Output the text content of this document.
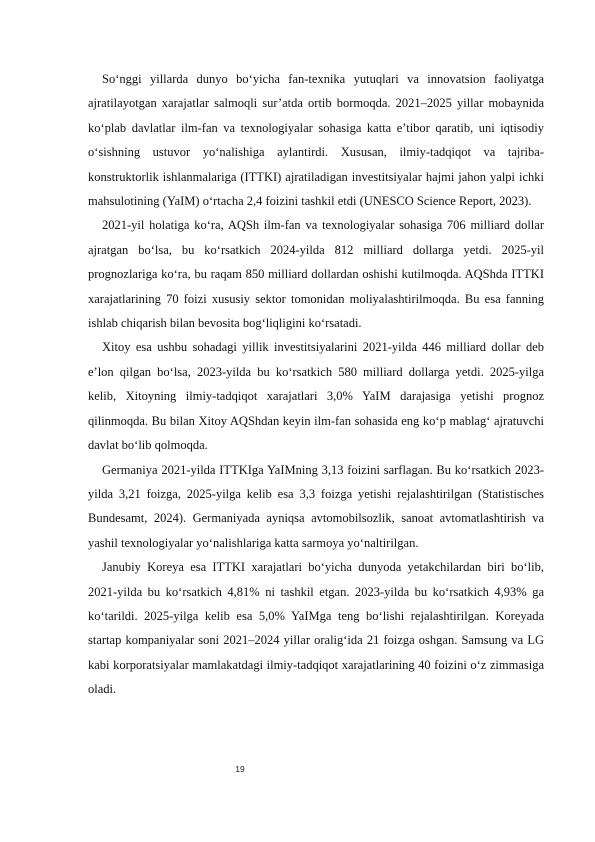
So‘nggi yillarda dunyo bo‘yicha fan-texnika yutuqlari va innovatsion faoliyatga ajratilayotgan xarajatlar salmoqli sur’atda ortib bormoqda. 2021–2025 yillar mobaynida ko‘plab davlatlar ilm-fan va texnologiyalar sohasiga katta e’tibor qaratib, uni iqtisodiy o‘sishning ustuvor yo‘nalishiga aylantirdi. Xususan, ilmiy-tadqiqot va tajriba-konstruktorlik ishlanmalariga (ITTKI) ajratiladigan investitsiyalar hajmi jahon yalpi ichki mahsulotining (YaIM) o‘rtacha 2,4 foizini tashkil etdi (UNESCO Science Report, 2023).

2021-yil holatiga ko‘ra, AQSh ilm-fan va texnologiyalar sohasiga 706 milliard dollar ajratgan bo‘lsa, bu ko‘rsatkich 2024-yilda 812 milliard dollarga yetdi. 2025-yil prognozlariga ko‘ra, bu raqam 850 milliard dollardan oshishi kutilmoqda. AQShda ITTKI xarajatlarining 70 foizi xususiy sektor tomonidan moliyalashtirilmoqda. Bu esa fanning ishlab chiqarish bilan bevosita bog‘liqligini ko‘rsatadi.

Xitoy esa ushbu sohadagi yillik investitsiyalarini 2021-yilda 446 milliard dollar deb e’lon qilgan bo‘lsa, 2023-yilda bu ko‘rsatkich 580 milliard dollarga yetdi. 2025-yilga kelib, Xitoyning ilmiy-tadqiqot xarajatlari 3,0% YaIM darajasiga yetishi prognoz qilinmoqda. Bu bilan Xitoy AQShdan keyin ilm-fan sohasida eng ko‘p mablag‘ ajratuvchi davlat bo‘lib qolmoqda.

Germaniya 2021-yilda ITTKIga YaIMning 3,13 foizini sarflagan. Bu ko‘rsatkich 2023-yilda 3,21 foizga, 2025-yilga kelib esa 3,3 foizga yetishi rejalashtirilgan (Statistisches Bundesamt, 2024). Germaniyada ayniqsa avtomobilsozlik, sanoat avtomatlashtirish va yashil texnologiyalar yo‘nalishlariga katta sarmoya yo‘naltirilgan.

Janubiy Koreya esa ITTKI xarajatlari bo‘yicha dunyoda yetakchilardan biri bo‘lib, 2021-yilda bu ko‘rsatkich 4,81% ni tashkil etgan. 2023-yilda bu ko‘rsatkich 4,93% ga ko‘tarildi. 2025-yilga kelib esa 5,0% YaIMga teng bo‘lishi rejalashtirilgan. Koreyada startap kompaniyalar soni 2021–2024 yillar oralig‘ida 21 foizga oshgan. Samsung va LG kabi korporatsiyalar mamlakatdagi ilmiy-tadqiqot xarajatlarining 40 foizini o‘z zimmasiga oladi.

19
